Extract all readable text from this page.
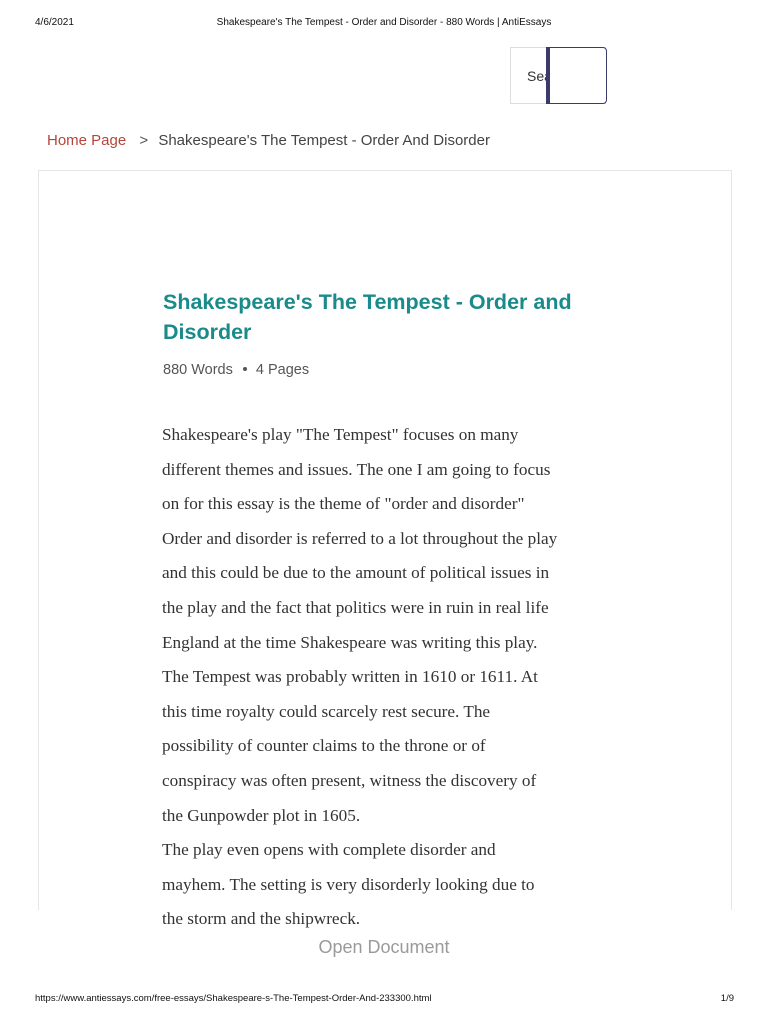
4/6/2021	Shakespeare's The Tempest - Order and Disorder - 880 Words | AntiEssays
Search
Home Page > Shakespeare's The Tempest - Order And Disorder
Shakespeare's The Tempest - Order and Disorder
880 Words 4 Pages
Shakespeare's play "The Tempest" focuses on many
different themes and issues. The one I am going to focus
on for this essay is the theme of "order and disorder"
Order and disorder is referred to a lot throughout the play
and this could be due to the amount of political issues in
the play and the fact that politics were in ruin in real life
England at the time Shakespeare was writing this play.
The Tempest was probably written in 1610 or 1611. At
this time royalty could scarcely rest secure. The
possibility of counter claims to the throne or of
conspiracy was often present, witness the discovery of
the Gunpowder plot in 1605.
The play even opens with complete disorder and
mayhem. The setting is very disorderly looking due to
the storm and the shipwreck.
Open Document
https://www.antiessays.com/free-essays/Shakespeare-s-The-Tempest-Order-And-233300.html	1/9
